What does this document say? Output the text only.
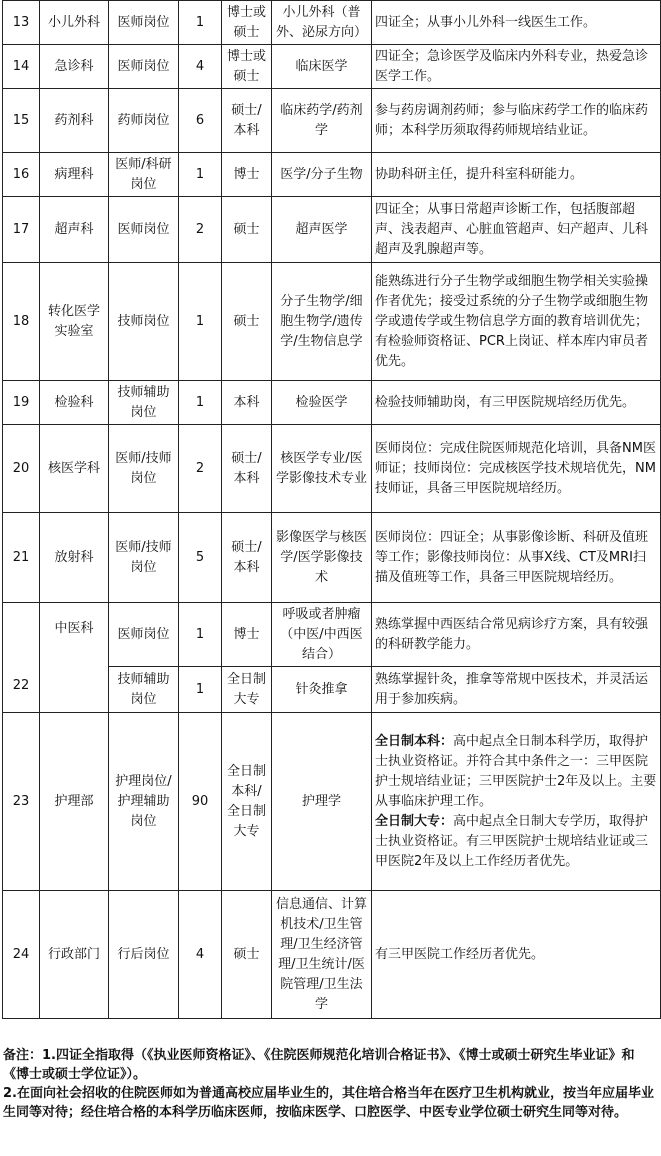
13	小儿外科	医师岗位	1	博士或硕士	小儿外科（普外、泌尿方向）	四证全；从事小儿外科一线医生工作。
14	急诊科	医师岗位	4	博士或硕士	临床医学	四证全；急诊医学及临床内外科专业，热爱急诊医学工作。
15	药剂科	药师岗位	6	硕士/本科	临床药学/药剂学	参与药房调剂药师；参与临床药学工作的临床药师；本科学历须取得药师规培结业证。
16	病理科	医师/科研岗位	1	博士	医学/分子生物	协助科研主任，提升科室科研能力。
17	超声科	医师岗位	2	硕士	超声医学	四证全；从事日常超声诊断工作，包括腹部超声、浅表超声、心脏血管超声、妇产超声、儿科超声及乳腺超声等。
18	转化医学实验室	技师岗位	1	硕士	分子生物学/细胞生物学/遗传学/生物信息学	能熟练进行分子生物学或细胞生物学相关实验操作者优先；接受过系统的分子生物学或细胞生物学或遗传学或生物信息学方面的教育培训优先；有检验师资格证、PCR上岗证、样本库内审员者优先。
19	检验科	技师辅助岗位	1	本科	检验医学	检验技师辅助岗，有三甲医院规培经历优先。
20	核医学科	医师/技师岗位	2	硕士/本科	核医学专业/医学影像技术专业	医师岗位：完成住院医师规范化培训，具备NM医师证；技师岗位：完成核医学技术规培优先，NM技师证，具备三甲医院规培经历。
21	放射科	医师/技师岗位	5	硕士/本科	影像医学与核医学/医学影像技术	医师岗位：四证全；从事影像诊断、科研及值班等工作；影像技师岗位：从事X线、CT及MRI扫描及值班等工作，具备三甲医院规培经历。
22	中医科	医师岗位	1	博士	呼吸或者肿瘤（中医/中西医结合）	熟练掌握中西医结合常见病诊疗方案，具有较强的科研教学能力。
		技师辅助岗位	1	全日制大专	针灸推拿	熟练掌握针灸，推拿等常规中医技术，并灵活运用于参加疾病。
23	护理部	护理岗位/护理辅助岗位	90	全日制本科/全日制大专	护理学	全日制本科：高中起点全日制本科学历，取得护士执业资格证。并符合其中条件之一：三甲医院护士规培结业证；三甲医院护士2年及以上。主要从事临床护理工作。
全日制大专：高中起点全日制大专学历，取得护士执业资格证。有三甲医院护士规培结业证或三甲医院2年及以上工作经历者优先。
24	行政部门	行后岗位	4	硕士	信息通信、计算机技术/卫生管理/卫生经济管理/卫生统计/医院管理/卫生法学	有三甲医院工作经历者优先。
备注：1.四证全指取得（《执业医师资格证》、《住院医师规范化培训合格证书》、《博士或硕士研究生毕业证》和《博士或硕士学位证》）。
2.在面向社会招收的住院医师如为普通高校应届毕业生的，其住培合格当年在医疗卫生机构就业，按当年应届毕业生同等对待；经住培合格的本科学历临床医师，按临床医学、口腔医学、中医专业学位硕士研究生同等对待。
